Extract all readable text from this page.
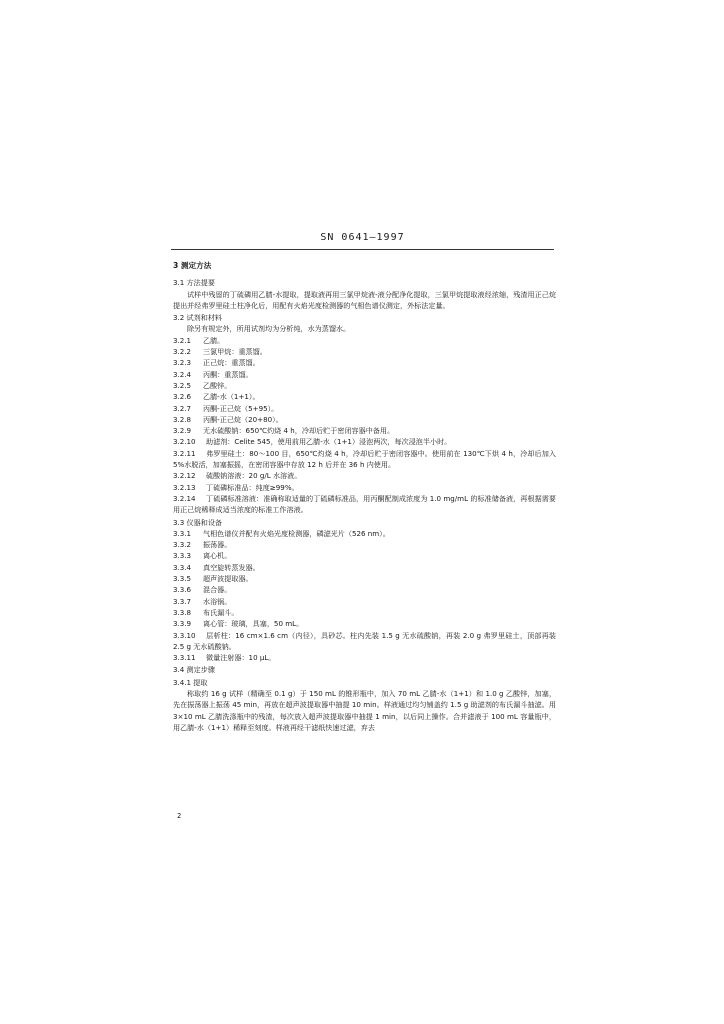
SN 0641—1997
3 测定方法
3.1 方法提要
试样中残留的丁硫磷用乙腈-水提取，提取液再用三氯甲烷液-液分配净化提取，三氯甲烷提取液经浓缩，残渣用正己烷提出并经弗罗里硅土柱净化后，用配有火焰光度检测器的气相色谱仪测定，外标法定量。
3.2 试剂和材料
除另有规定外，所用试剂均为分析纯，水为蒸馏水。
3.2.1 乙腈。
3.2.2 三氯甲烷：重蒸馏。
3.2.3 正己烷：重蒸馏。
3.2.4 丙酮：重蒸馏。
3.2.5 乙酸锌。
3.2.6 乙腈-水（1+1）。
3.2.7 丙酮-正己烷（5+95）。
3.2.8 丙酮-正己烷（20+80）。
3.2.9 无水硫酸钠：650℃灼烧 4 h，冷却后贮于密闭容器中备用。
3.2.10 助滤剂：Celite 545，使用前用乙腈-水（1+1）浸泡两次，每次浸泡半小时。
3.2.11 弗罗里硅土：80～100 目，650℃灼烧 4 h，冷却后贮于密闭容器中。使用前在 130℃下烘 4 h，冷却后加入 5%水脱活，加塞振摇，在密闭容器中存放 12 h 后并在 36 h 内使用。
3.2.12 硫酸钠溶液：20 g/L 水溶液。
3.2.13 丁硫磷标准品：纯度≥99%。
3.2.14 丁硫磷标准溶液：准确称取适量的丁硫磷标准品，用丙酮配制成浓度为 1.0 mg/mL 的标准储备液，再根据需要用正己烷稀释成适当浓度的标准工作溶液。
3.3 仪器和设备
3.3.1 气相色谱仪并配有火焰光度检测器，磷滤光片（526 nm）。
3.3.2 振荡器。
3.3.3 离心机。
3.3.4 真空旋转蒸发器。
3.3.5 超声波提取器。
3.3.6 混合器。
3.3.7 水浴锅。
3.3.8 布氏漏斗。
3.3.9 离心管：玻璃，具塞，50 mL。
3.3.10 层析柱：16 cm×1.6 cm（内径），具砂芯。柱内先装 1.5 g 无水硫酸钠，再装 2.0 g 弗罗里硅土，顶部再装 2.5 g 无水硫酸钠。
3.3.11 微量注射器：10 μL。
3.4 测定步骤
3.4.1 提取
称取约 16 g 试样（精确至 0.1 g）于 150 mL 的锥形瓶中，加入 70 mL 乙腈-水（1+1）和 1.0 g 乙酸锌，加塞，先在振荡器上振荡 45 min，再放在超声波提取器中抽提 10 min。样液通过均匀铺盖约 1.5 g 助滤剂的布氏漏斗抽滤。用 3×10 mL 乙腈洗涤瓶中的残渣，每次放入超声波提取器中抽提 1 min，以后同上操作。合并滤液于 100 mL 容量瓶中，用乙腈-水（1+1）稀释至刻度。样液再经干滤纸快速过滤，弃去
2
